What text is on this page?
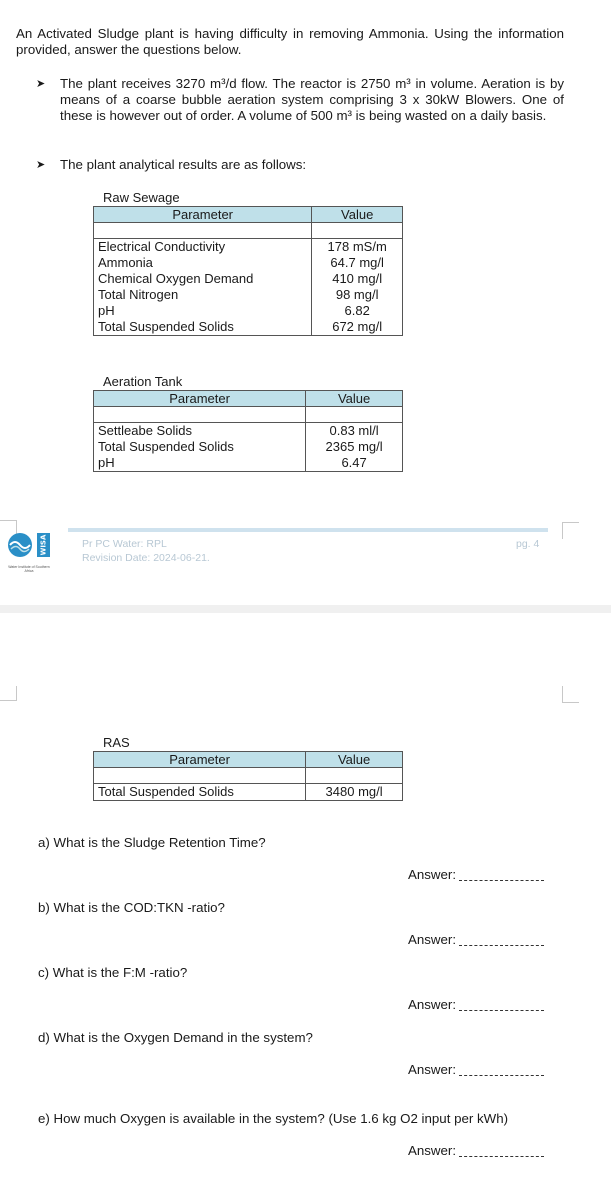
An Activated Sludge plant is having difficulty in removing Ammonia. Using the information provided, answer the questions below.
➤ The plant receives 3270 m³/d flow. The reactor is 2750 m³ in volume. Aeration is by means of a coarse bubble aeration system comprising 3 x 30kW Blowers. One of these is however out of order. A volume of 500 m³ is being wasted on a daily basis.
➤ The plant analytical results are as follows:
Raw Sewage
Parameter	Value

Electrical Conductivity	178 mS/m
Ammonia	64.7 mg/l
Chemical Oxygen Demand	410 mg/l
Total Nitrogen	98 mg/l
pH	6.82
Total Suspended Solids	672 mg/l
Aeration Tank
Parameter	Value

Settleabe Solids	0.83 ml/l
Total Suspended Solids	2365 mg/l
pH	6.47
WISA
Water Institute of Southern Africa
Pr PC Water: RPL
Revision Date: 2024-06-21.
pg. 4
RAS
Parameter	Value

Total Suspended Solids	3480 mg/l
a) What is the Sludge Retention Time?
Answer:
b) What is the COD:TKN -ratio?
Answer:
c) What is the F:M -ratio?
Answer:
d) What is the Oxygen Demand in the system?
Answer:
e) How much Oxygen is available in the system? (Use 1.6 kg O2 input per kWh)
Answer:
